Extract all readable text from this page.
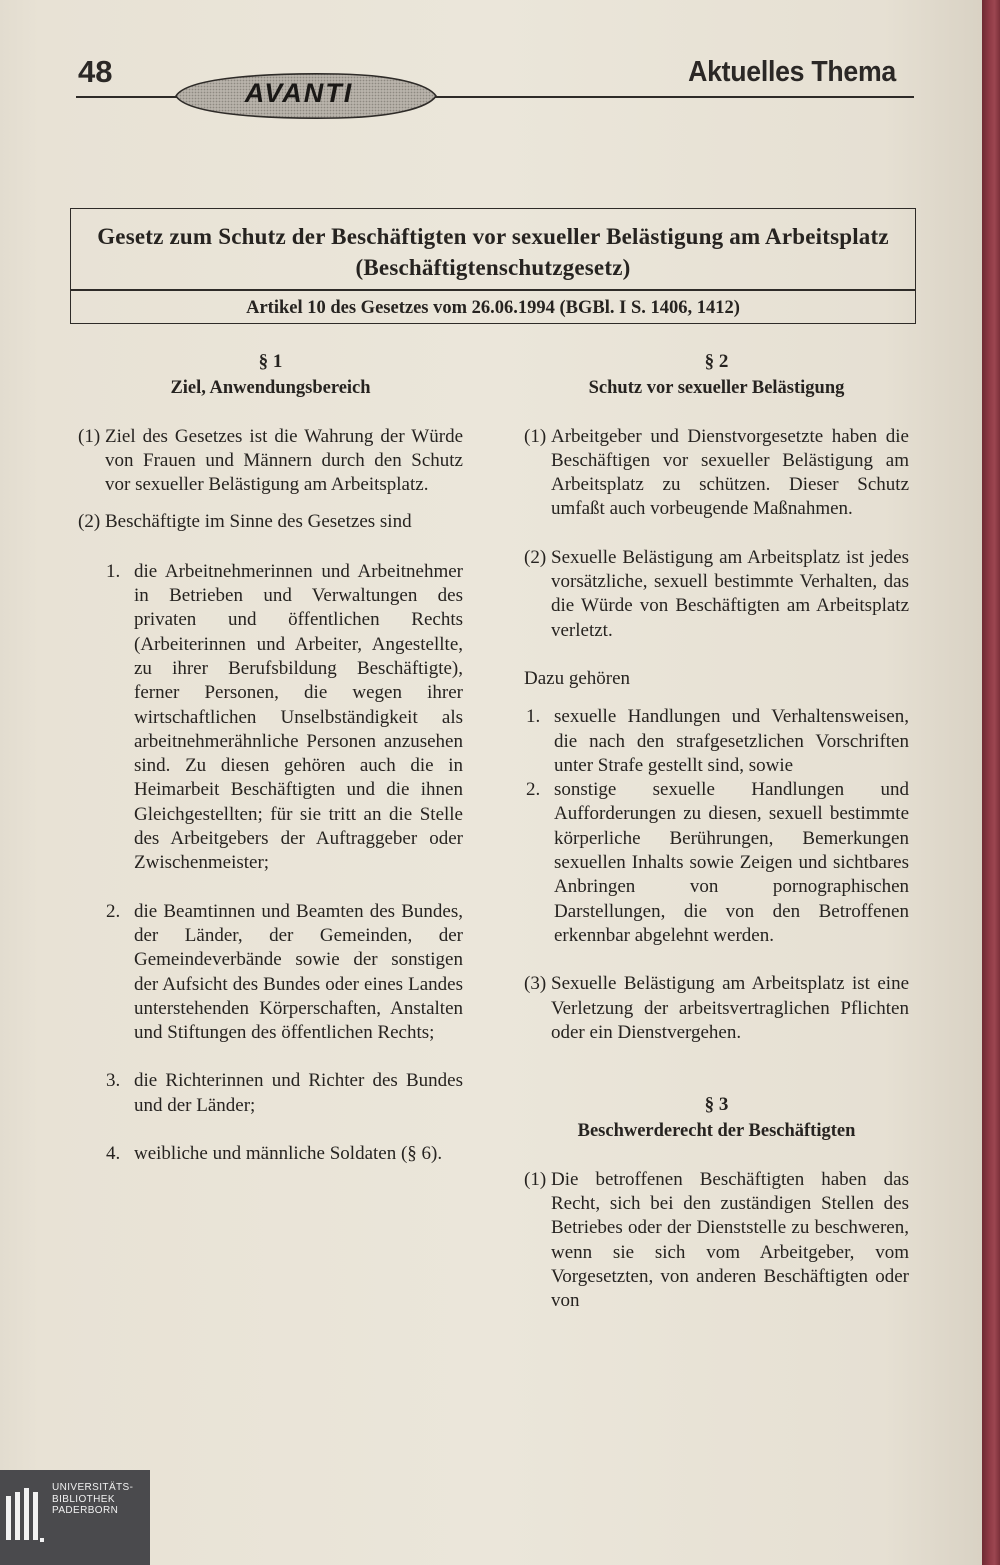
48
AVANTI
Aktuelles Thema
Gesetz zum Schutz der Beschäftigten vor sexueller Belästigung am Arbeitsplatz (Beschäftigtenschutzgesetz)
Artikel 10 des Gesetzes vom 26.06.1994 (BGBl. I S. 1406, 1412)
§ 1
Ziel, Anwendungsbereich
(1) Ziel des Gesetzes ist die Wahrung der Würde von Frauen und Männern durch den Schutz vor sexueller Belästigung am Arbeitsplatz.
(2) Beschäftigte im Sinne des Gesetzes sind
1. die Arbeitnehmerinnen und Arbeitnehmer in Betrieben und Verwaltungen des privaten und öffentlichen Rechts (Arbeiterinnen und Arbeiter, Angestellte, zu ihrer Berufsbildung Beschäftigte), ferner Personen, die wegen ihrer wirtschaftlichen Unselbständigkeit als arbeitnehmerähnliche Personen anzusehen sind. Zu diesen gehören auch die in Heimarbeit Beschäftigten und die ihnen Gleichgestellten; für sie tritt an die Stelle des Arbeitgebers der Auftraggeber oder Zwischenmeister;
2. die Beamtinnen und Beamten des Bundes, der Länder, der Gemeinden, der Gemeindeverbände sowie der sonstigen der Aufsicht des Bundes oder eines Landes unterstehenden Körperschaften, Anstalten und Stiftungen des öffentlichen Rechts;
3. die Richterinnen und Richter des Bundes und der Länder;
4. weibliche und männliche Soldaten (§ 6).
§ 2
Schutz vor sexueller Belästigung
(1) Arbeitgeber und Dienstvorgesetzte haben die Beschäftigen vor sexueller Belästigung am Arbeitsplatz zu schützen. Dieser Schutz umfaßt auch vorbeugende Maßnahmen.
(2) Sexuelle Belästigung am Arbeitsplatz ist jedes vorsätzliche, sexuell bestimmte Verhalten, das die Würde von Beschäftigten am Arbeitsplatz verletzt.
Dazu gehören
1. sexuelle Handlungen und Verhaltensweisen, die nach den strafgesetzlichen Vorschriften unter Strafe gestellt sind, sowie
2. sonstige sexuelle Handlungen und Aufforderungen zu diesen, sexuell bestimmte körperliche Berührungen, Bemerkungen sexuellen Inhalts sowie Zeigen und sichtbares Anbringen von pornographischen Darstellungen, die von den Betroffenen erkennbar abgelehnt werden.
(3) Sexuelle Belästigung am Arbeitsplatz ist eine Verletzung der arbeitsvertraglichen Pflichten oder ein Dienstvergehen.
§ 3
Beschwerderecht der Beschäftigten
(1) Die betroffenen Beschäftigten haben das Recht, sich bei den zuständigen Stellen des Betriebes oder der Dienststelle zu beschweren, wenn sie sich vom Arbeitgeber, vom Vorgesetzten, von anderen Beschäftigten oder von
UNIVERSITÄTS-
BIBLIOTHEK
PADERBORN
